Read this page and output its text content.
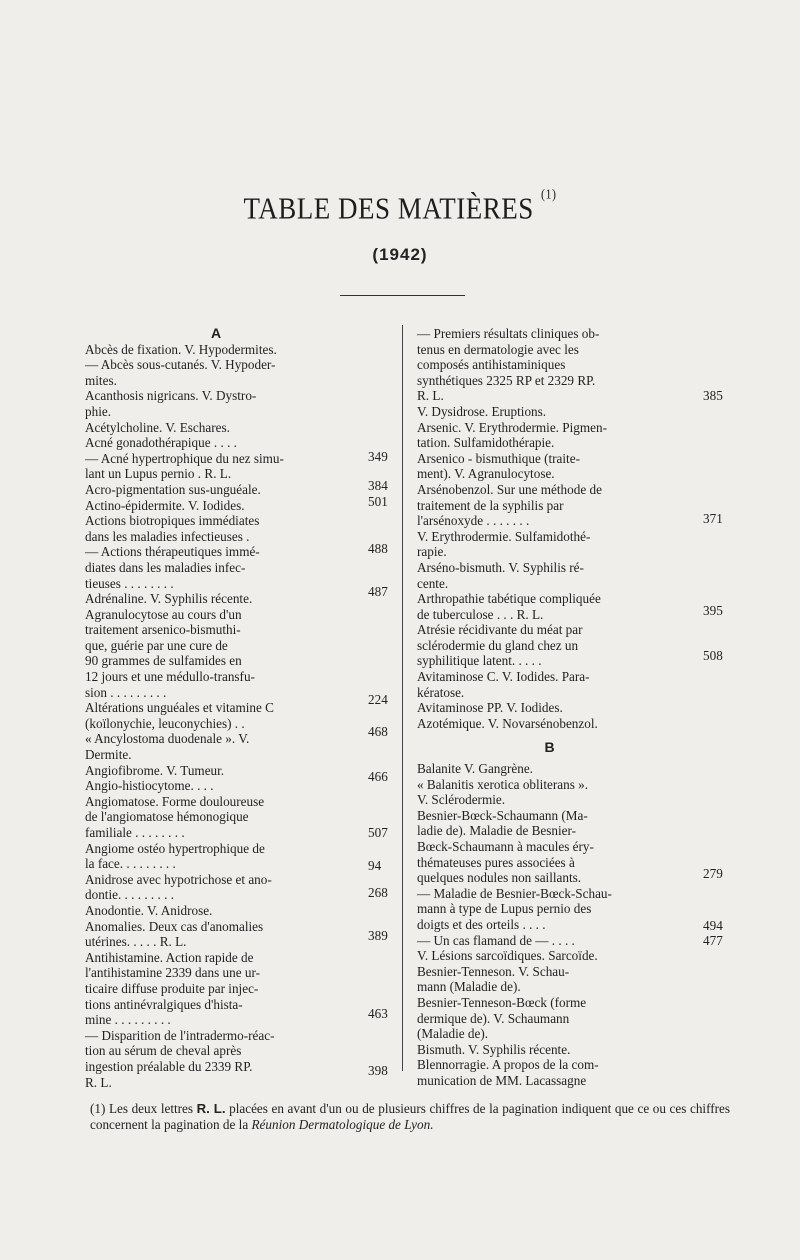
TABLE DES MATIÈRES $^{(1)}$
(1942)
A
Abcès de fixation. V. Hypodermites.
— Abcès sous-cutanés. V. Hypoder-
mites.
Acanthosis nigricans. V. Dystro-
phie.
Acétylcholine. V. Eschares.
Acné gonadothérapique . . . .
— Acné hypertrophique du nez simu-
lant un Lupus pernio . R. L.
Acro-pigmentation sus-unguéale.
Actino-épidermite. V. Iodides.
Actions biotropiques immédiates
dans les maladies infectieuses .
— Actions thérapeutiques immé-
diates dans les maladies infec-
tieuses . . . . . . . .
Adrénaline. V. Syphilis récente.
Agranulocytose au cours d'un
traitement arsenico-bismuthi-
que, guérie par une cure de
90 grammes de sulfamides en
12 jours et une médullo-transfu-
sion . . . . . . . . .
Altérations unguéales et vitamine C
(koïlonychie, leuconychies) . .
« Ancylostoma duodenale ». V.
Dermite.
Angiofibrome. V. Tumeur.
Angio-histiocytome. . . .
Angiomatose. Forme douloureuse
de l'angiomatose hémonogique
familiale . . . . . . . .
Angiome ostéo hypertrophique de
la face. . . . . . . . .
Anidrose avec hypotrichose et ano-
dontie. . . . . . . . .
Anodontie. V. Anidrose.
Anomalies. Deux cas d'anomalies
utérines. . . . . R. L.
Antihistamine. Action rapide de
l'antihistamine 2339 dans une ur-
ticaire diffuse produite par injec-
tions antinévralgiques d'hista-
mine . . . . . . . . .
— Disparition de l'intradermo-réac-
tion au sérum de cheval après
ingestion préalable du 2339 RP.
R. L.
— Premiers résultats cliniques ob-
tenus en dermatologie avec les
composés antihistaminiques
synthétiques 2325 RP et 2329 RP.
R. L.
V. Dysidrose. Eruptions.
Arsenic. V. Erythrodermie. Pigmen-
tation. Sulfamidothérapie.
Arsenico - bismuthique (traite-
ment). V. Agranulocytose.
Arsénobenzol. Sur une méthode de
traitement de la syphilis par
l'arsénoxyde . . . . . . .
V. Erythrodermie. Sulfamidothé-
rapie.
Arséno-bismuth. V. Syphilis ré-
cente.
Arthropathie tabétique compliquée
de tuberculose . . . R. L.
Atrésie récidivante du méat par
sclérodermie du gland chez un
syphilitique latent. . . . .
Avitaminose C. V. Iodides. Para-
kératose.
Avitaminose PP. V. Iodides.
Azotémique. V. Novarsénobenzol.
B
Balanite V. Gangrène.
« Balanitis xerotica obliterans ».
V. Sclérodermie.
Besnier-Bœck-Schaumann (Ma-
ladie de). Maladie de Besnier-
Bœck-Schaumann à macules éry-
thémateuses pures associées à
quelques nodules non saillants.
— Maladie de Besnier-Bœck-Schau-
mann à type de Lupus pernio des
doigts et des orteils . . . .
— Un cas flamand de — . . . .
V. Lésions sarcoïdiques. Sarcoïde.
Besnier-Tenneson. V. Schau-
mann (Maladie de).
Besnier-Tenneson-Bœck (forme
dermique de). V. Schaumann
(Maladie de).
Bismuth. V. Syphilis récente.
Blennorragie. A propos de la com-
munication de MM. Lacassagne
(1) Les deux lettres R. L. placées en avant d'un ou de plusieurs chiffres de la pagination indiquent que ce ou ces chiffres concernent la pagination de la Réunion Dermatologique de Lyon.
349
384
501
488
487
224
468
466
507
94
268
389
463
398
385
371
395
508
279
494
477
